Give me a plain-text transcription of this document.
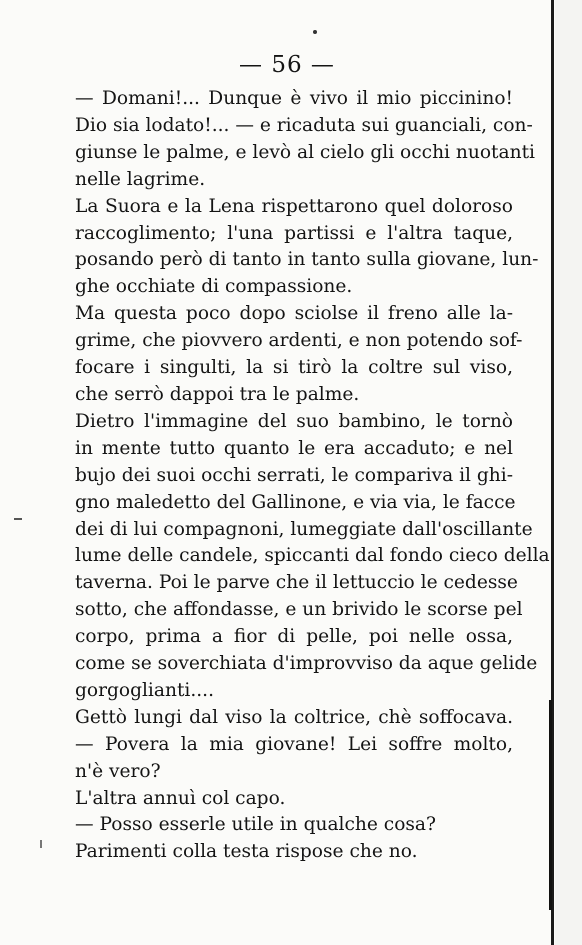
— 56 —
— Domani!... Dunque è vivo il mio piccinino!
Dio sia lodato!... — e ricaduta sui guanciali, con-
giunse le palme, e levò al cielo gli occhi nuotanti
nelle lagrime.
La Suora e la Lena rispettarono quel doloroso
raccoglimento; l'una partissi e l'altra taque,
posando però di tanto in tanto sulla giovane, lun-
ghe occhiate di compassione.
Ma questa poco dopo sciolse il freno alle la-
grime, che piovvero ardenti, e non potendo sof-
focare i singulti, la si tirò la coltre sul viso,
che serrò dappoi tra le palme.
Dietro l'immagine del suo bambino, le tornò
in mente tutto quanto le era accaduto; e nel
bujo dei suoi occhi serrati, le compariva il ghi-
gno maledetto del Gallinone, e via via, le facce
dei di lui compagnoni, lumeggiate dall'oscillante
lume delle candele, spiccanti dal fondo cieco della
taverna. Poi le parve che il lettuccio le cedesse
sotto, che affondasse, e un brivido le scorse pel
corpo, prima a fior di pelle, poi nelle ossa,
come se soverchiata d'improvviso da aque gelide
gorgoglianti....
Gettò lungi dal viso la coltrice, chè soffocava.
— Povera la mia giovane! Lei soffre molto,
n'è vero?
L'altra annuì col capo.
— Posso esserle utile in qualche cosa?
Parimenti colla testa rispose che no.
